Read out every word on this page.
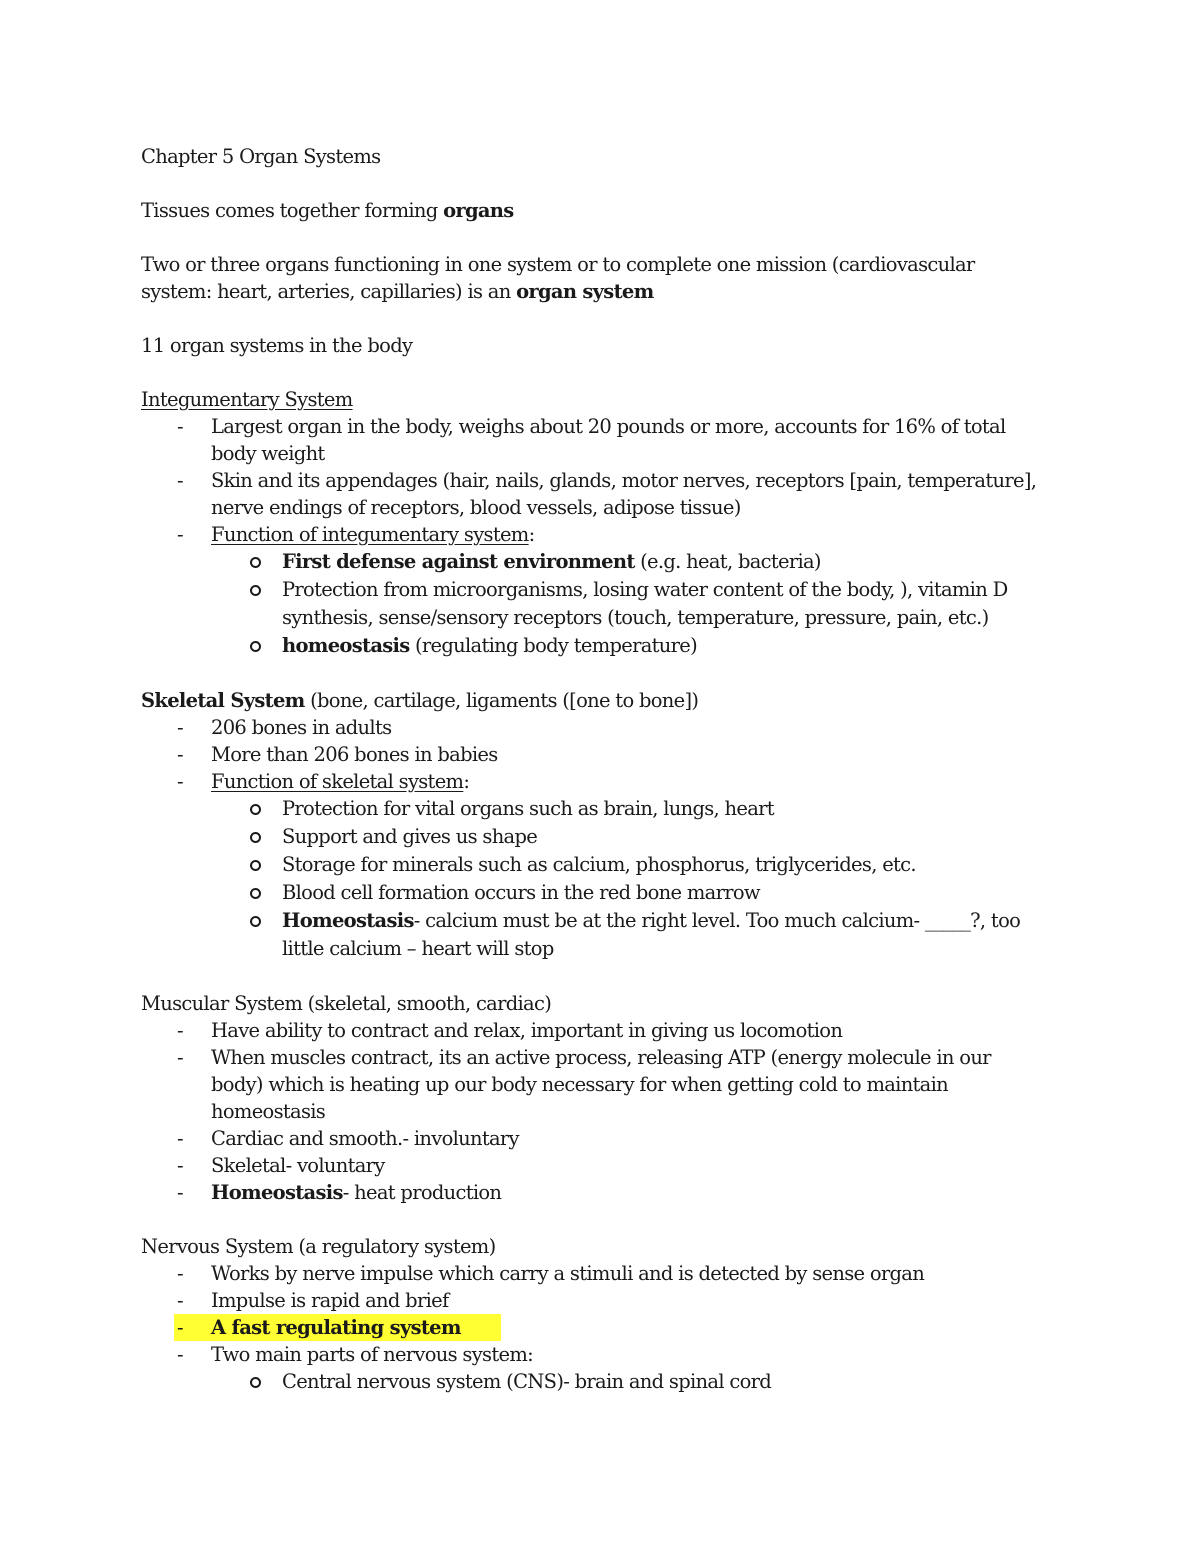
Chapter 5 Organ Systems

Tissues comes together forming organs

Two or three organs functioning in one system or to complete one mission (cardiovascular system: heart, arteries, capillaries) is an organ system

11 organ systems in the body

Integumentary System

- Largest organ in the body, weighs about 20 pounds or more, accounts for 16% of total body weight

- Skin and its appendages (hair, nails, glands, motor nerves, receptors [pain, temperature], nerve endings of receptors, blood vessels, adipose tissue)

- Function of integumentary system:

First defense against environment (e.g. heat, bacteria)

Protection from microorganisms, losing water content of the body, ), vitamin D synthesis, sense/sensory receptors (touch, temperature, pressure, pain, etc.)

homeostasis (regulating body temperature)

Skeletal System (bone, cartilage, ligaments ([one to bone])

- 206 bones in adults

- More than 206 bones in babies

- Function of skeletal system:

Protection for vital organs such as brain, lungs, heart

Support and gives us shape

Storage for minerals such as calcium, phosphorus, triglycerides, etc.

Blood cell formation occurs in the red bone marrow

Homeostasis- calcium must be at the right level. Too much calcium- _____?, too little calcium – heart will stop

Muscular System (skeletal, smooth, cardiac)

- Have ability to contract and relax, important in giving us locomotion

- When muscles contract, its an active process, releasing ATP (energy molecule in our body) which is heating up our body necessary for when getting cold to maintain homeostasis

- Cardiac and smooth.- involuntary

- Skeletal- voluntary

- Homeostasis- heat production

Nervous System (a regulatory system)

- Works by nerve impulse which carry a stimuli and is detected by sense organ

- Impulse is rapid and brief

- A fast regulating system

- Two main parts of nervous system:

Central nervous system (CNS)- brain and spinal cord
